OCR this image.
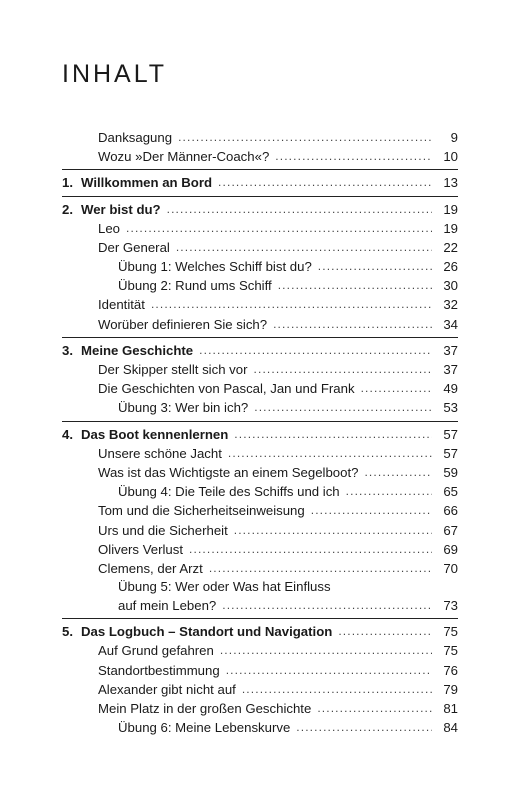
INHALT
Danksagung . . .	9
Wozu »Der Männer-Coach«? . . .	10
1. Willkommen an Bord . . .	13
2. Wer bist du? . . .	19
Leo . . .	19
Der General . . .	22
Übung 1: Welches Schiff bist du? . . .	26
Übung 2: Rund ums Schiff . . .	30
Identität . . .	32
Worüber definieren Sie sich? . . .	34
3. Meine Geschichte . . .	37
Der Skipper stellt sich vor . . .	37
Die Geschichten von Pascal, Jan und Frank . . .	49
Übung 3: Wer bin ich? . . .	53
4. Das Boot kennenlernen . . .	57
Unsere schöne Jacht . . .	57
Was ist das Wichtigste an einem Segelboot? . . .	59
Übung 4: Die Teile des Schiffs und ich . . .	65
Tom und die Sicherheitseinweisung . . .	66
Urs und die Sicherheit . . .	67
Olivers Verlust . . .	69
Clemens, der Arzt . . .	70
Übung 5: Wer oder Was hat Einfluss
auf mein Leben? . . .	73
5. Das Logbuch – Standort und Navigation . . .	75
Auf Grund gefahren . . .	75
Standortbestimmung . . .	76
Alexander gibt nicht auf . . .	79
Mein Platz in der großen Geschichte . . .	81
Übung 6: Meine Lebenskurve . . .	84
